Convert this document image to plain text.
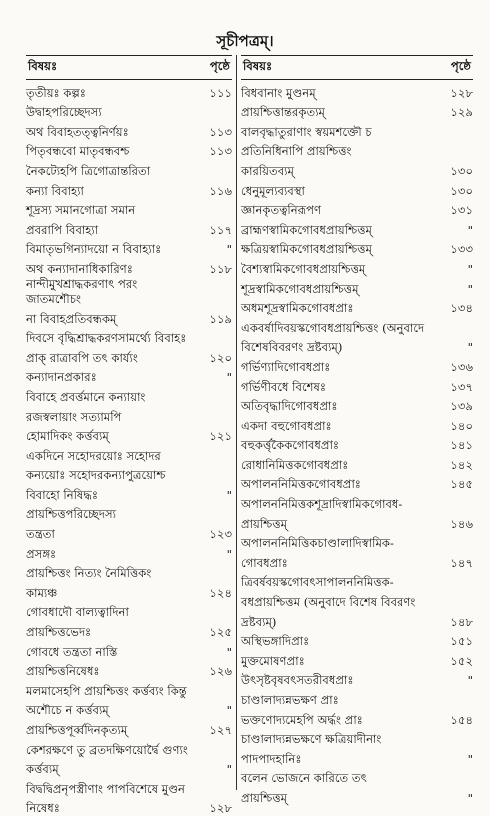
সূচীপত্রম্।
বিষয়ঃ	পৃষ্ঠে
তৃতীয়ঃ কল্পঃ	১১১
উদ্বাহপরিচ্ছেদস্য
অথ বিবাহতত্ত্বনির্ণয়ঃ	১১৩
পিতৃবন্ধবো মাতৃবন্ধবশ্চ	১১৩
নৈকট্যেহপি ত্রিগোত্রান্তরিতা
কন্যা বিবাহ্যা	১১৬
শূদ্রস্য সমানগোত্রা সমান
প্রবরাপি বিবাহ্যা	১১৭
বিমাতৃভগিন্যাদয়ো ন বিবাহ্যাঃ	"
অথ কন্যাদানাধিকারিণঃ	১১৮
নান্দীমুখশ্রাদ্ধকরণাৎ পরং জাতমশৌচং
না বিবাহপ্রতিবন্ধকম্	১১৯
দিবসে বৃদ্ধিশ্রাদ্ধকরণসামর্থ্যে বিবাহঃ
প্রাক্ রাত্রাবপি তৎ কার্য্যং	১২০
কন্যাদানপ্রকারঃ	"
বিবাহে প্রবর্ত্তমানে কন্যায়াং
রজস্বলায়াং সত্যামপি
হোমাদিকং কর্ত্তব্যম্	১২১
একদিনে সহোদরয়োঃ সহোদর
কন্যয়োঃ সহোদরকন্যাপুত্রয়োশ্চ
বিবাহো নিষিদ্ধঃ	"
প্রায়শ্চিত্তপরিচ্ছেদস্য
তন্ত্রতা	১২৩
প্রসঙ্গঃ	"
প্রায়শ্চিত্তং নিত্যং নৈমিত্তিকং
কাম্যঞ্চ	১২৪
গোবধাদৌ বাল্যত্বাদিনা
প্রায়শ্চিত্তভেদঃ	১২৫
গোবধে তন্ত্রতা নাস্তি	"
প্রায়শ্চিত্তনিষেধঃ	১২৬
মলমাসেহপি প্রায়শ্চিত্তং কর্ত্তব্যং কিন্তু
অশৌচে ন কর্ত্তব্যম্	"
প্রায়শ্চিত্তপূর্ব্বদিনকৃত্যম্	১২৭
কেশরক্ষণে তু ব্রতদক্ষিণয়োর্দ্বৈ গুণ্যং
কর্ত্তব্যম্	"
বিদ্বদ্বিপ্রনৃপস্ত্রীণাং পাপবিশেষে মুণ্ডন
নিষেধঃ	১২৮
বিষয়ঃ	পৃষ্ঠে
বিধবানাং মুণ্ডনম্	১২৮
প্রায়শ্চিত্তান্তরকৃত্যম্	১২৯
বালবৃদ্ধাতুরাণাং স্বয়মশক্তৌ চ
প্রতিনিধিনাপি প্রায়শ্চিত্তং
কারয়িতব্যম্	১৩০
ধেনুমূল্যব্যবস্থা	১৩০
জ্ঞানকৃতত্বনিরূপণ	১৩১
ব্রাহ্মণস্বামিকগোবধপ্রায়শ্চিত্তম্	"
ক্ষত্রিয়স্বামিকগোবধপ্রায়শ্চিত্তম্	১৩৩
বৈশ্যস্বামিকগোবধপ্রায়শ্চিত্তম্	"
শূদ্রস্বামিকগোবধপ্রায়শ্চিত্তম্	"
অধমশূদ্রস্বামিকগোবধপ্রাঃ	১৩৪
একবর্ষাদিবয়স্কগোবধপ্রায়শ্চিত্তং (অনুবাদে
বিশেষবিবরণং দ্রষ্টব্যম্)	"
গর্ভিণ্যাদিগোবধপ্রাঃ	১৩৬
গর্ভিণীবধে বিশেষঃ	১৩৭
অতিবৃদ্ধাদিগোবধপ্রাঃ	১৩৯
একদা বহুগোবধপ্রাঃ	১৪০
বহুকর্ত্তৃকৈকগোবধপ্রাঃ	১৪১
রোধানিমিত্তকগোবধপ্রাঃ	১৪২
অপালননিমিত্তকগোবধপ্রাঃ	১৪৫
অপালননিমিত্তকশূদ্রাদিস্বামিকগোবধ-
প্রায়শ্চিত্তম্	১৪৬
অপালননিমিত্তিকচাণ্ডালাদিস্বামিক-
গোবধপ্রাঃ	১৪৭
ত্রিবর্ষবয়স্কগোবৎসাপালননিমিত্তক-
বধপ্রায়শ্চিত্তম (অনুবাদে বিশেষ বিবরণং
দ্রষ্টব্যম্)	১৪৮
অস্থিভঙ্গাদিপ্রাঃ	১৫১
মুক্তমোষণপ্রাঃ	১৫২
উৎসৃষ্টবৃষবৎসতরীবধপ্রাঃ	"
চাণ্ডালাদ্যন্নভক্ষণ প্রাঃ
ভক্তণোদ্যমেহপি অর্দ্ধং প্রাঃ	১৫৪
চাণ্ডালাদ্যন্নভক্ষণে ক্ষত্রিয়াদীনাং
পাদপাদহানিঃ	"
বলেন ভোজনে কারিতে তৎ
প্রায়শ্চিত্তম্	"
